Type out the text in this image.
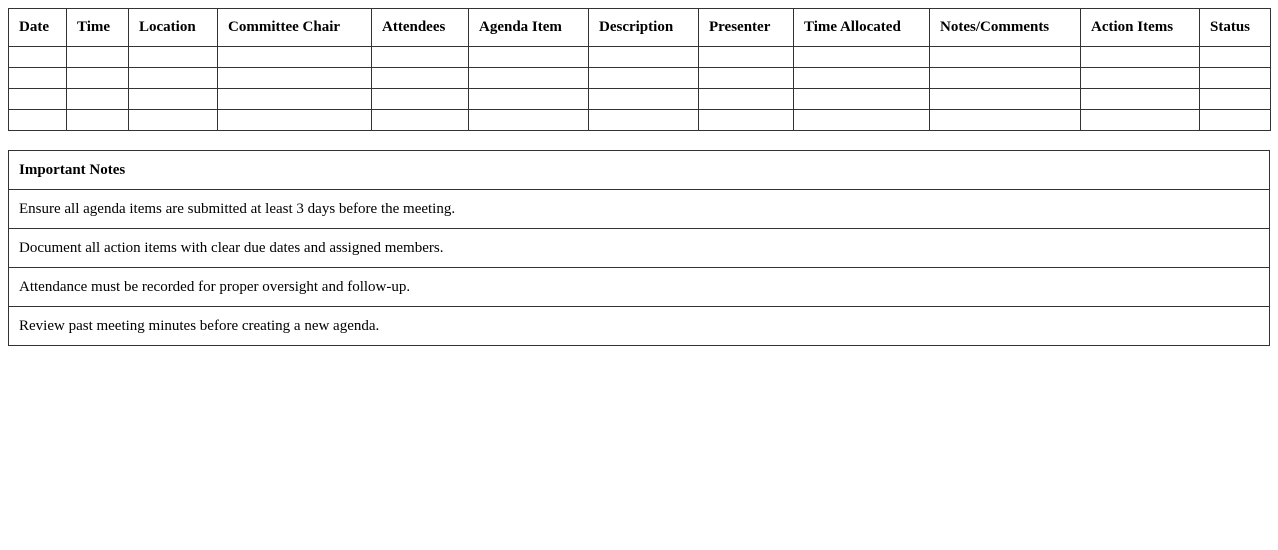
Date	Time	Location	Committee Chair	Attendees	Agenda Item	Description	Presenter	Time Allocated	Notes/Comments	Action Items	Status

Important Notes
Ensure all agenda items are submitted at least 3 days before the meeting.
Document all action items with clear due dates and assigned members.
Attendance must be recorded for proper oversight and follow-up.
Review past meeting minutes before creating a new agenda.
